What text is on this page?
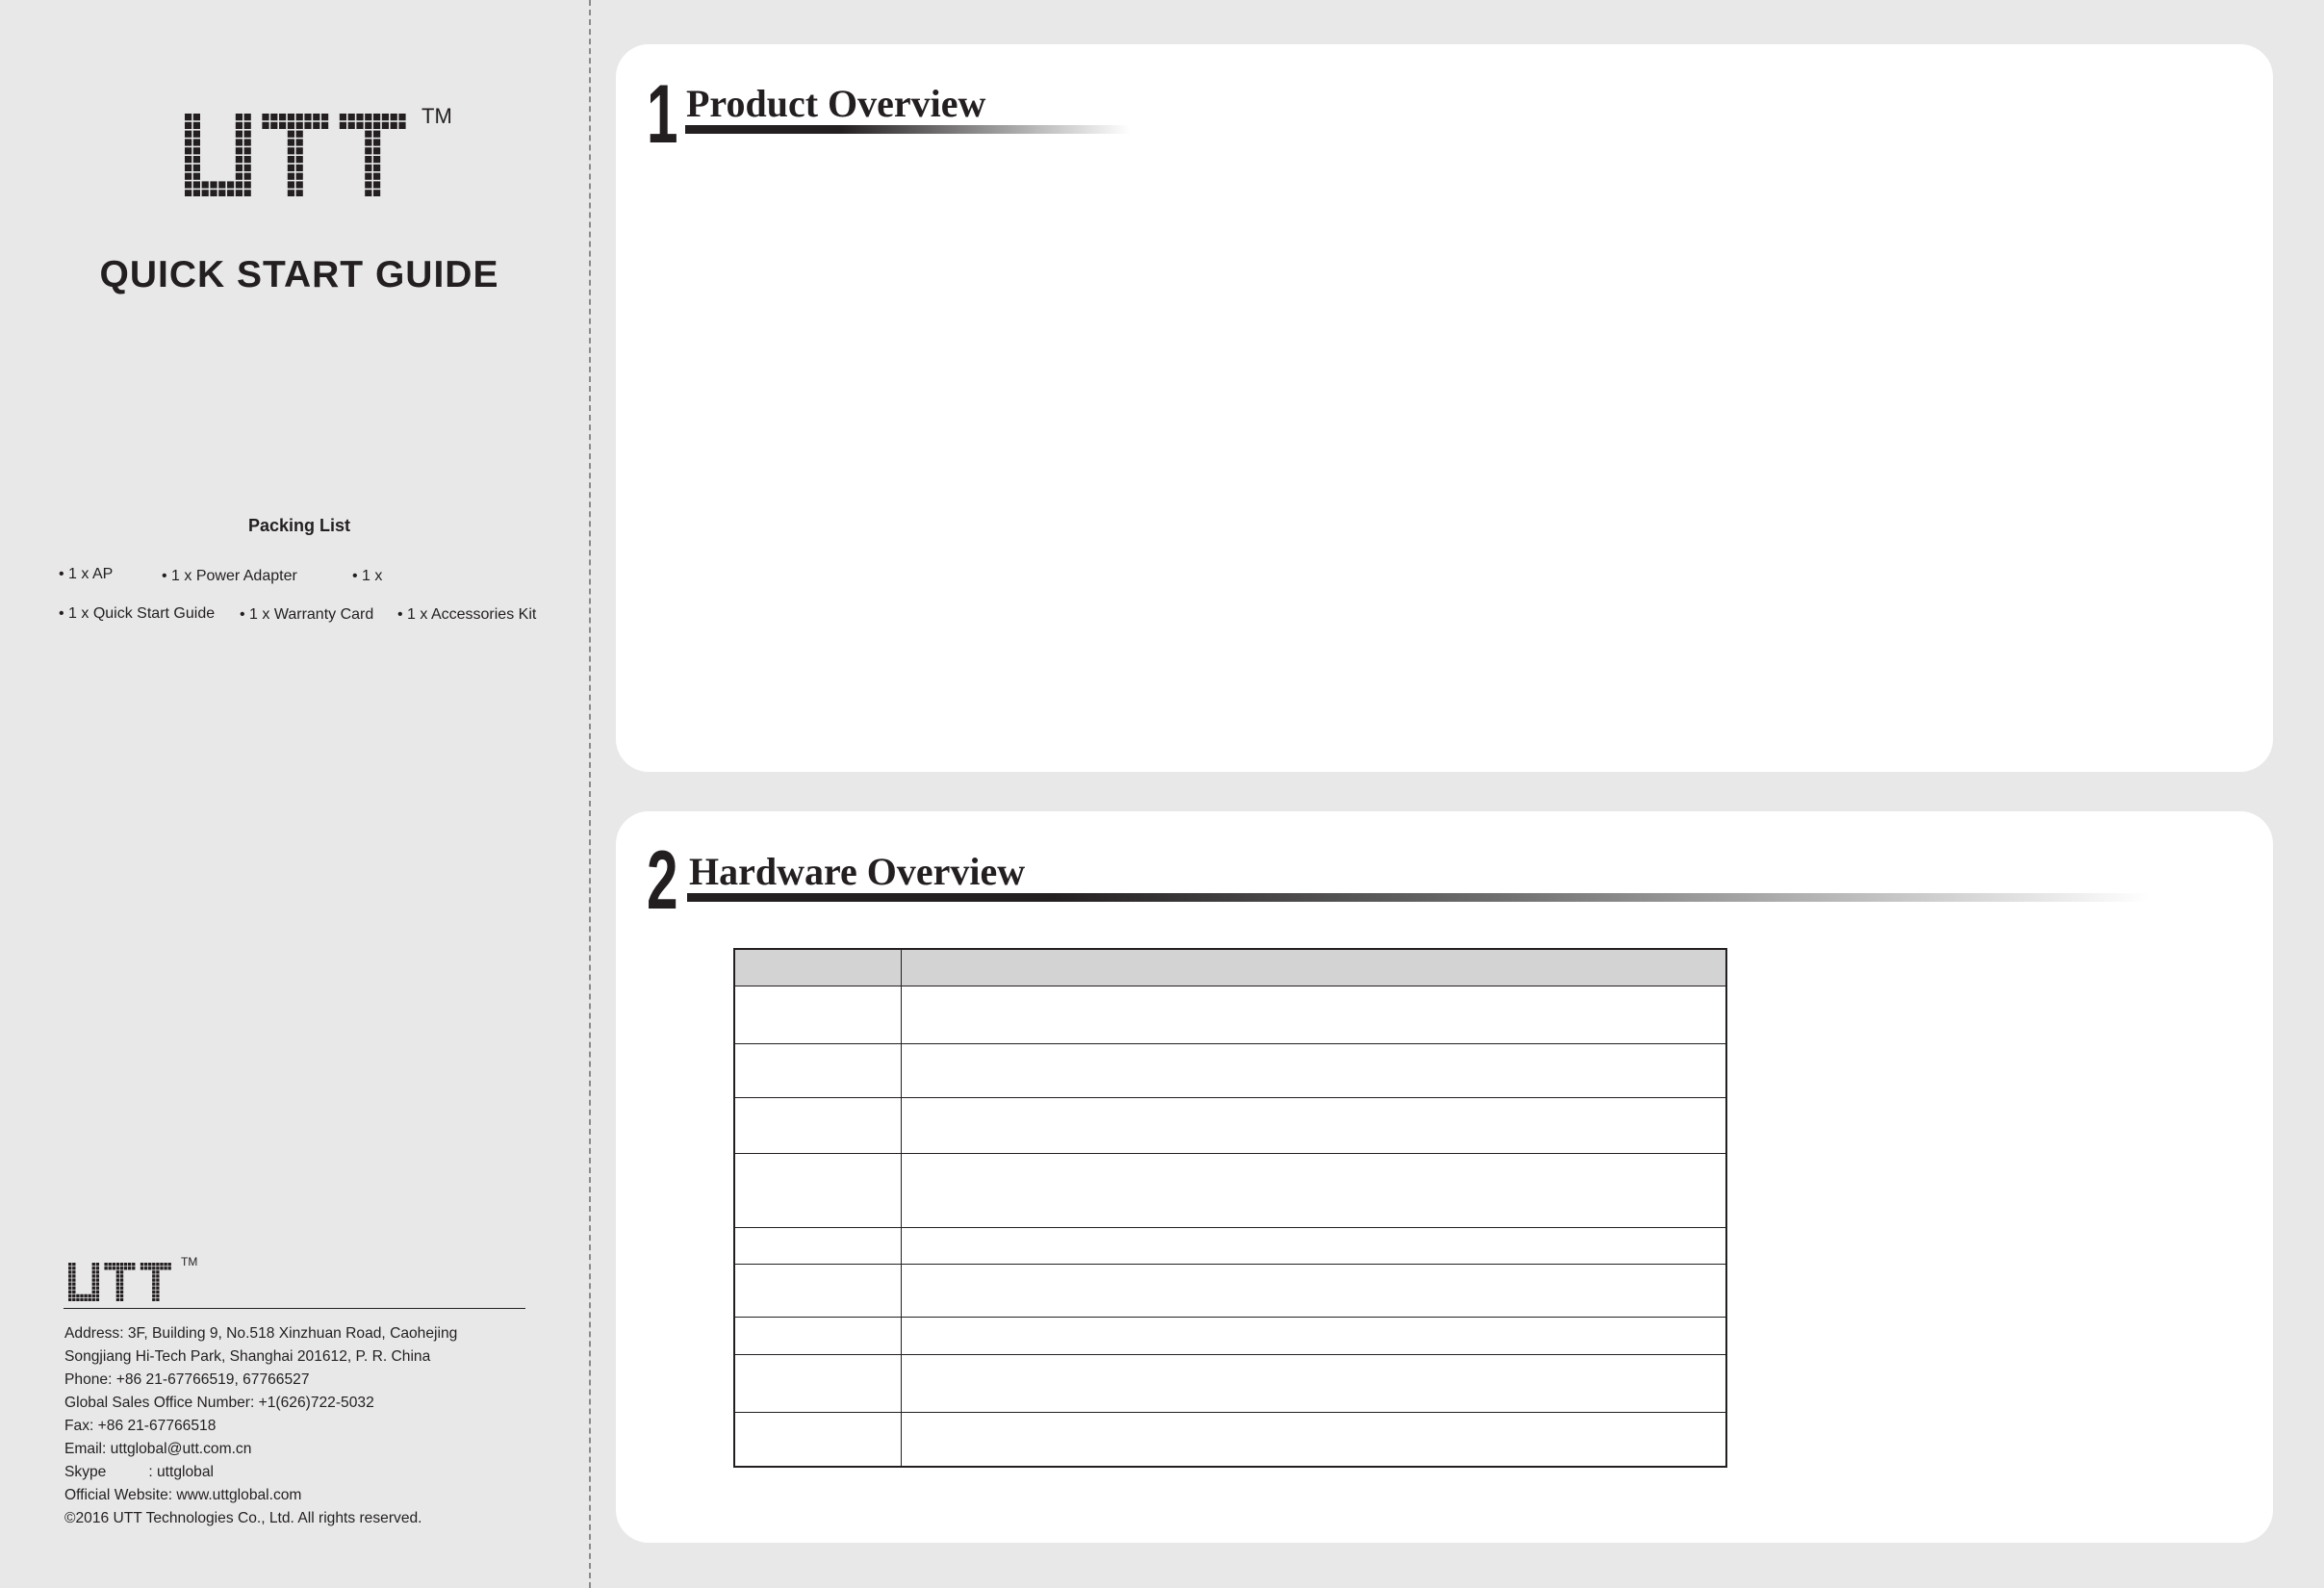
TM
QUICK START GUIDE
Packing List
• 1 x AP	• 1 x Power Adapter	• 1 x
• 1 x Quick Start Guide • 1 x Warranty Card • 1 x Accessories Kit
TM
Address: 3F, Building 9, No.518 Xinzhuan Road, Caohejing
Songjiang Hi-Tech Park, Shanghai 201612, P. R. China
Phone: +86 21-67766519, 67766527
Global Sales Office Number: +1(626)722-5032
Fax: +86 21-67766518
Email: uttglobal@utt.com.cn
Skype	: uttglobal
Official Website: www.uttglobal.com
©2016 UTT Technologies Co., Ltd. All rights reserved.
1 Product Overview
2 Hardware Overview
